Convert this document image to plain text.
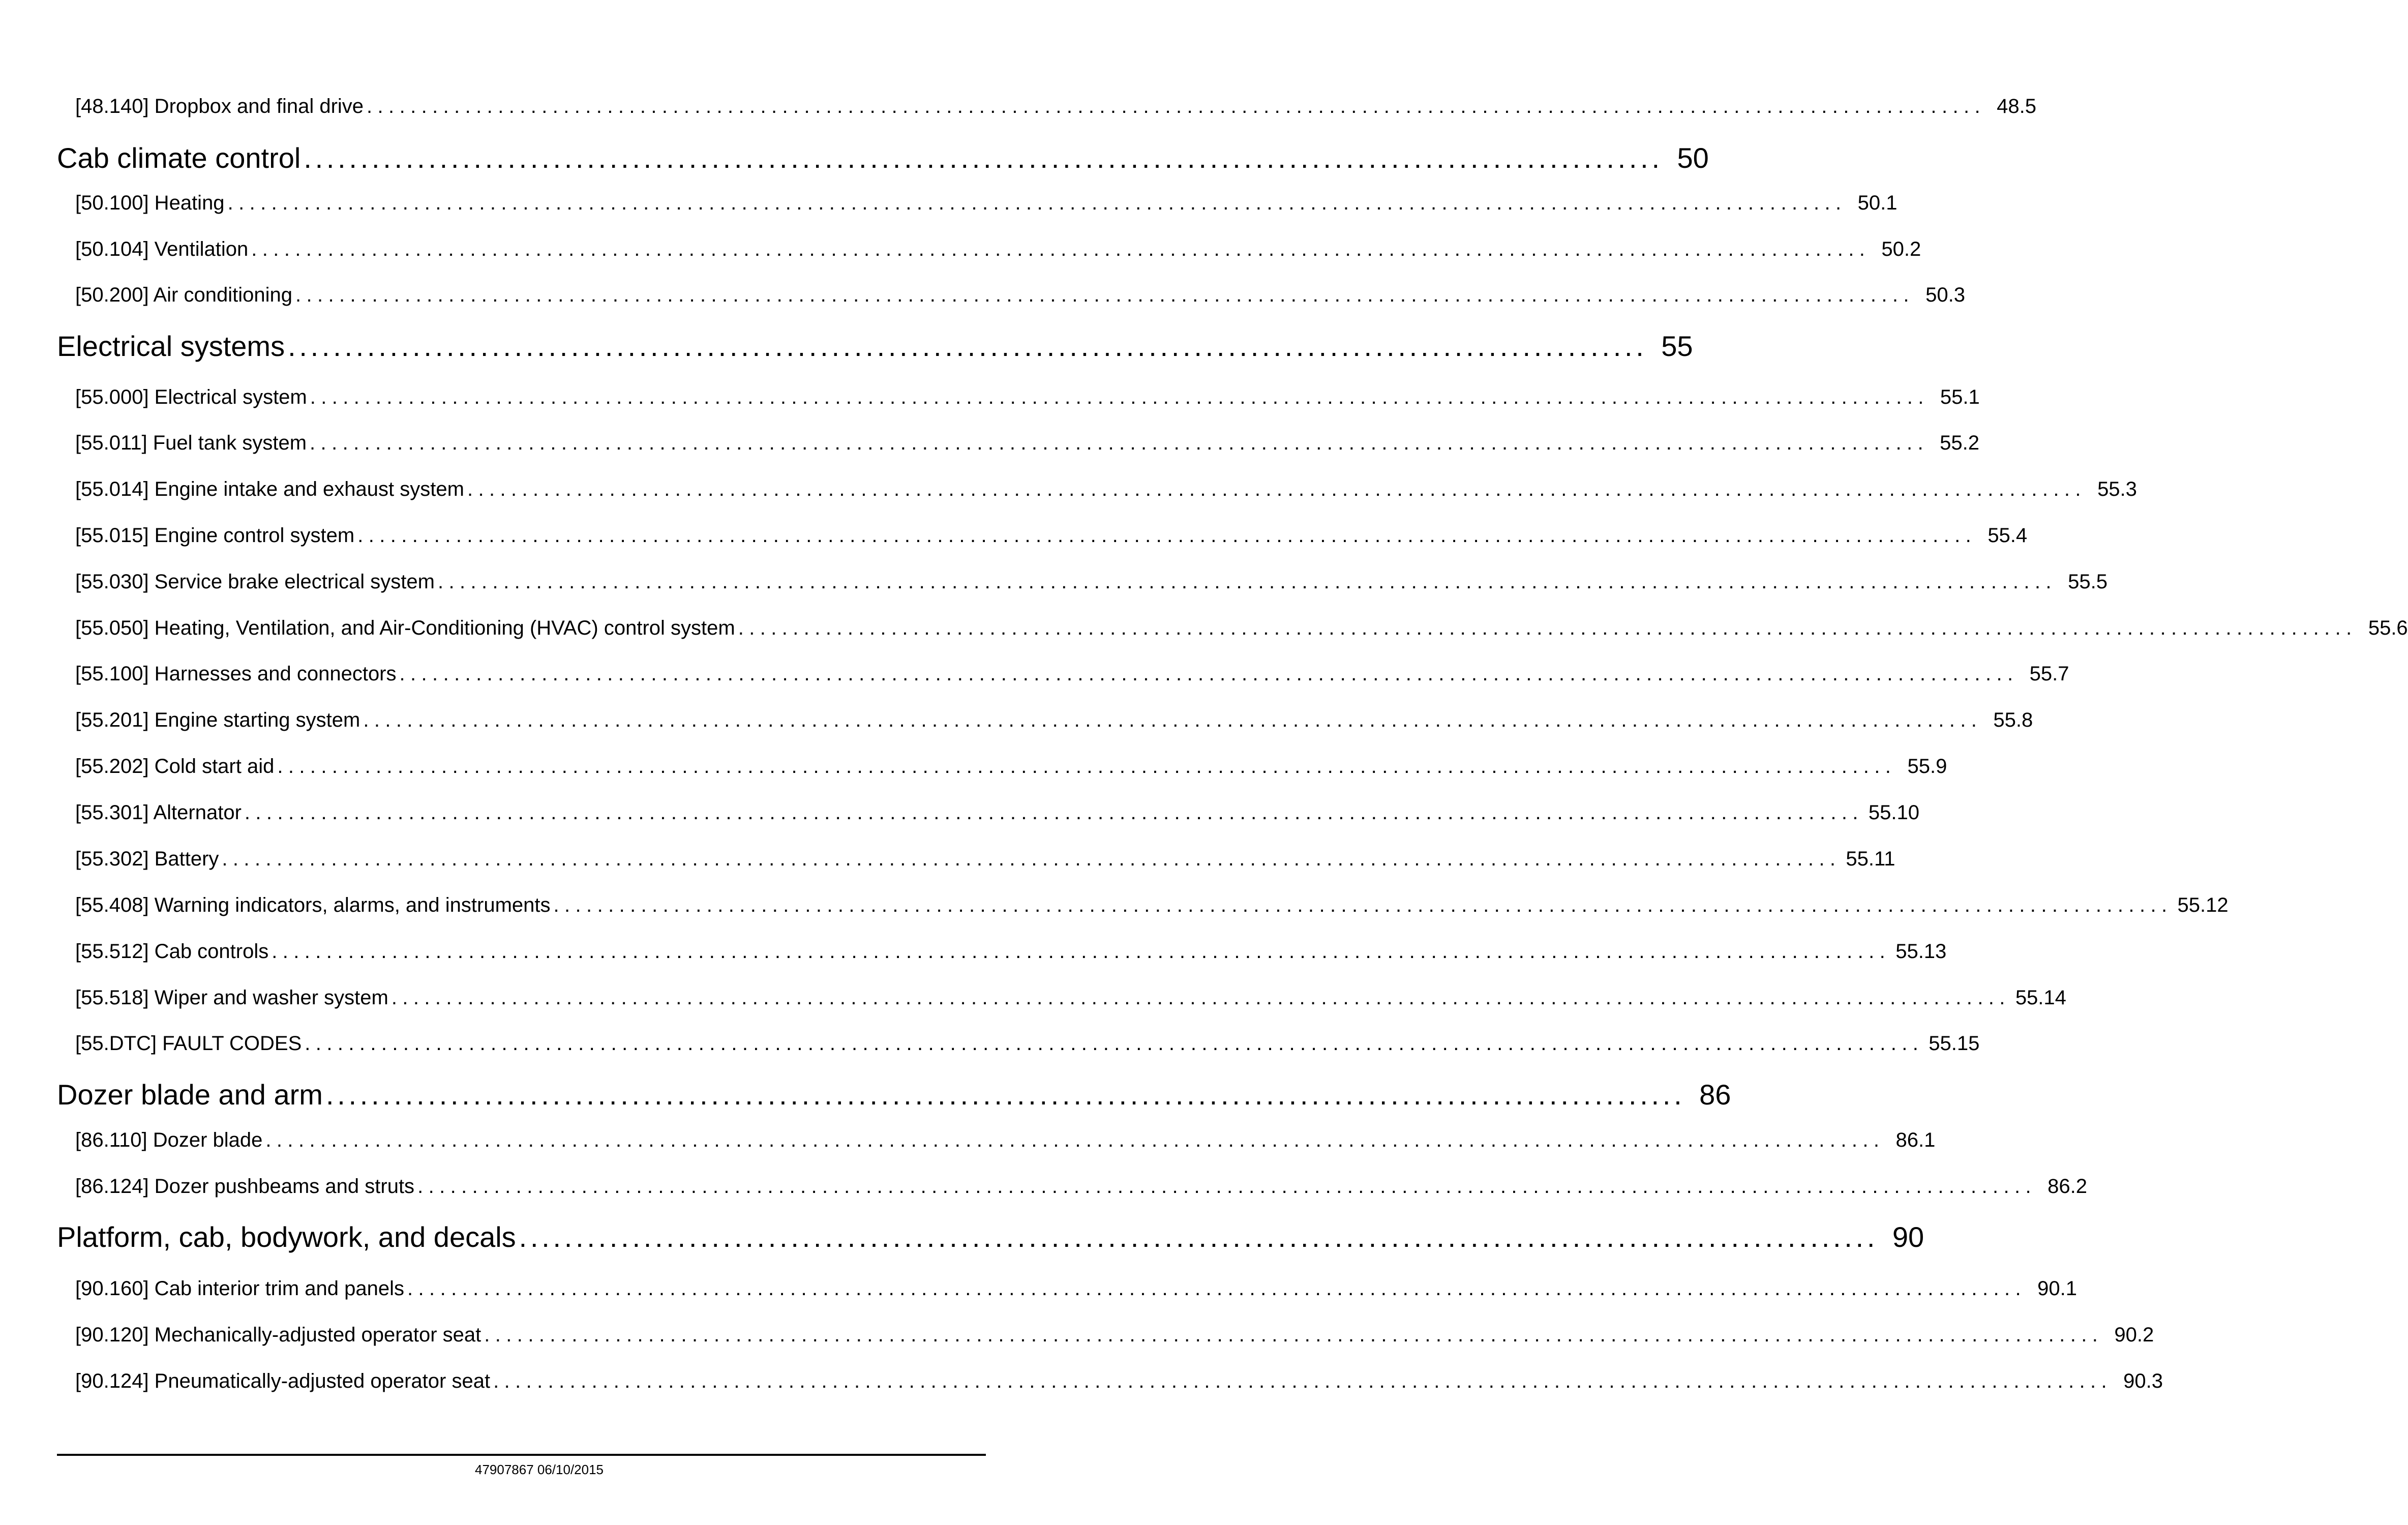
[48.140] Dropbox and final drive .................................................................................................................................................... 48.5
Cab climate control ........................................................................................................................ 50
[50.100] Heating .................................................................................................................................................... 50.1
[50.104] Ventilation .................................................................................................................................................... 50.2
[50.200] Air conditioning .................................................................................................................................................... 50.3
Electrical systems ........................................................................................................................ 55
[55.000] Electrical system .................................................................................................................................................... 55.1
[55.011] Fuel tank system .................................................................................................................................................... 55.2
[55.014] Engine intake and exhaust system .................................................................................................................................................... 55.3
[55.015] Engine control system .................................................................................................................................................... 55.4
[55.030] Service brake electrical system .................................................................................................................................................... 55.5
[55.050] Heating, Ventilation, and Air-Conditioning (HVAC) control system .................................................................................................................................................... 55.6
[55.100] Harnesses and connectors .................................................................................................................................................... 55.7
[55.201] Engine starting system .................................................................................................................................................... 55.8
[55.202] Cold start aid .................................................................................................................................................... 55.9
[55.301] Alternator .................................................................................................................................................... 55.10
[55.302] Battery .................................................................................................................................................... 55.11
[55.408] Warning indicators, alarms, and instruments .................................................................................................................................................... 55.12
[55.512] Cab controls .................................................................................................................................................... 55.13
[55.518] Wiper and washer system .................................................................................................................................................... 55.14
[55.DTC] FAULT CODES .................................................................................................................................................... 55.15
Dozer blade and arm ........................................................................................................................ 86
[86.110] Dozer blade .................................................................................................................................................... 86.1
[86.124] Dozer pushbeams and struts .................................................................................................................................................... 86.2
Platform, cab, bodywork, and decals ........................................................................................................................ 90
[90.160] Cab interior trim and panels .................................................................................................................................................... 90.1
[90.120] Mechanically-adjusted operator seat .................................................................................................................................................... 90.2
[90.124] Pneumatically-adjusted operator seat .................................................................................................................................................... 90.3
47907867 06/10/2015
